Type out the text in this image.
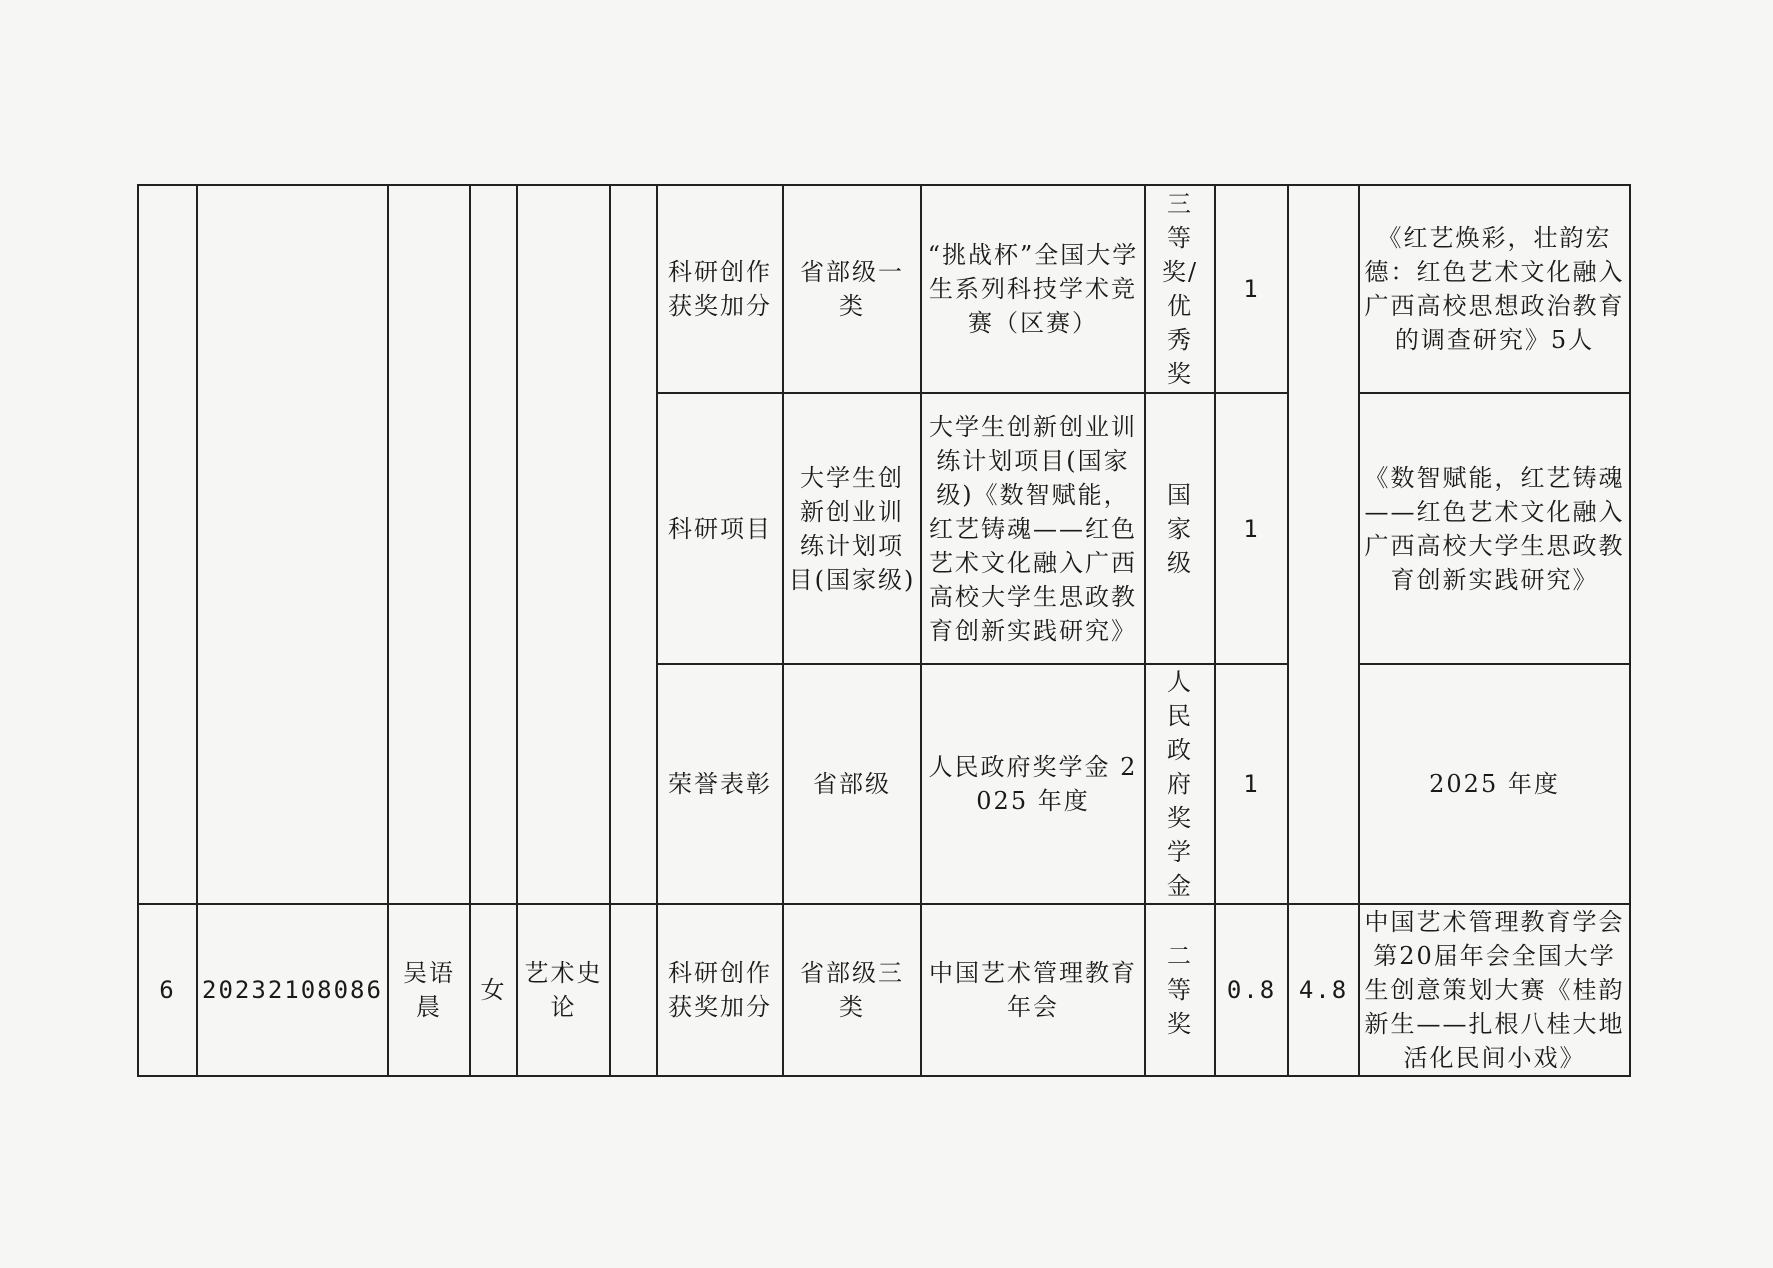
						科研创作获奖加分	省部级一类	“挑战杯”全国大学生系列科技学术竞赛（区赛）	三等奖/优秀奖	1		《红艺焕彩，壮韵宏德：红色艺术文化融入广西高校思想政治教育的调查研究》5人
						科研项目	大学生创新创业训练计划项目(国家级)	大学生创新创业训练计划项目(国家级)《数智赋能，红艺铸魂——红色艺术文化融入广西高校大学生思政教育创新实践研究》	国家级	1		《数智赋能，红艺铸魂——红色艺术文化融入广西高校大学生思政教育创新实践研究》
						荣誉表彰	省部级	人民政府奖学金 2025 年度	人民政府奖学金	1		2025 年度
6	20232108086	吴语晨	女	艺术史论		科研创作获奖加分	省部级三类	中国艺术管理教育年会	二等奖	0.8	4.8	中国艺术管理教育学会第20届年会全国大学生创意策划大赛《桂韵新生——扎根八桂大地 活化民间小戏》
